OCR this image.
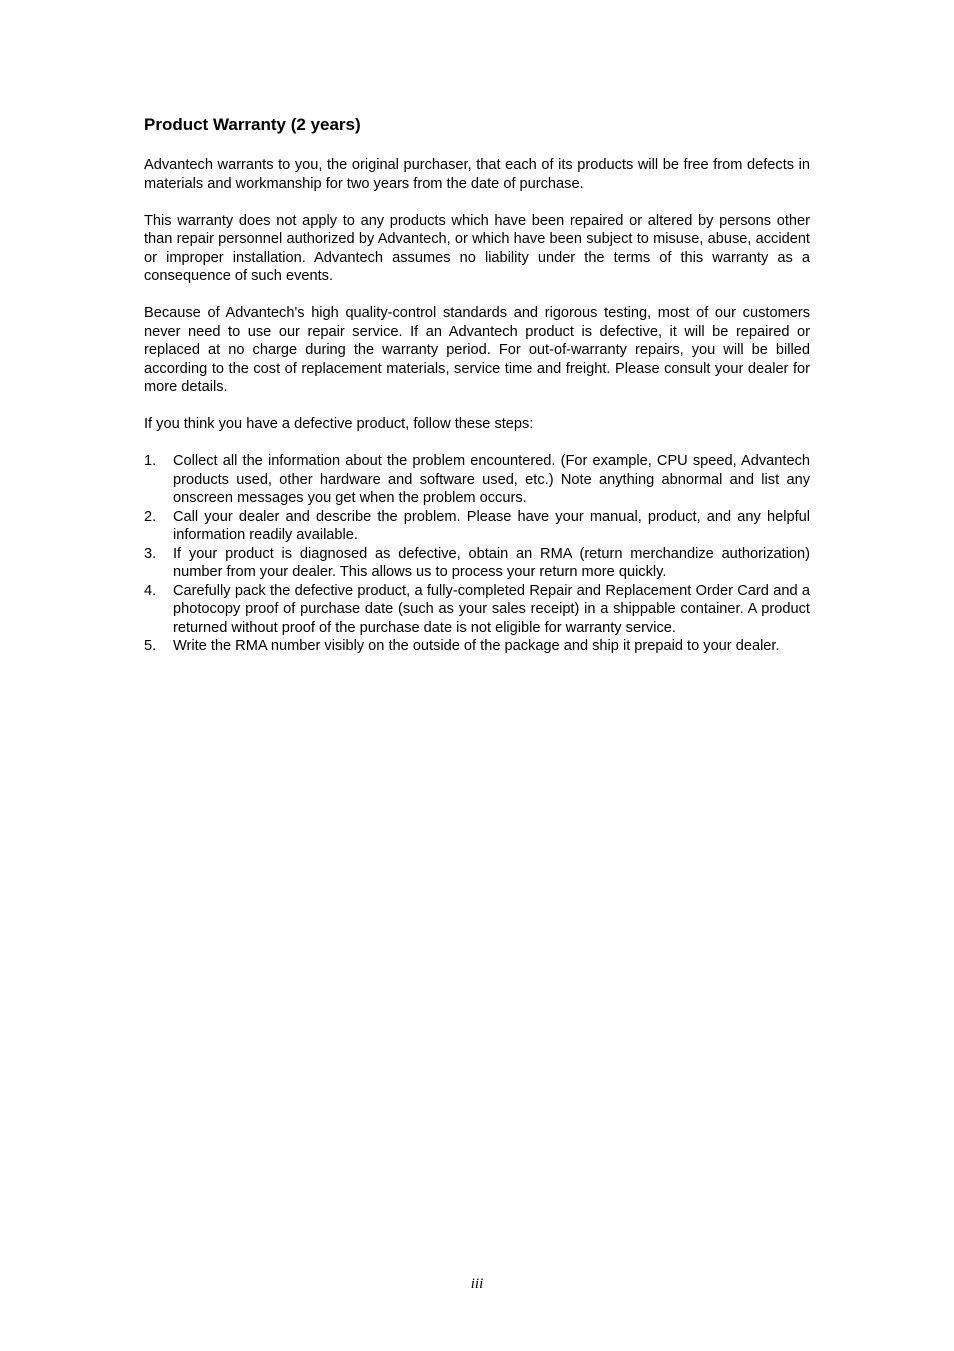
Product Warranty (2 years)

Advantech warrants to you, the original purchaser, that each of its products will be free from defects in materials and workmanship for two years from the date of purchase.

This warranty does not apply to any products which have been repaired or altered by persons other than repair personnel authorized by Advantech, or which have been subject to misuse, abuse, accident or improper installation. Advantech assumes no liability under the terms of this warranty as a consequence of such events.

Because of Advantech's high quality-control standards and rigorous testing, most of our customers never need to use our repair service. If an Advantech product is defective, it will be repaired or replaced at no charge during the warranty period. For out-of-warranty repairs, you will be billed according to the cost of replacement materials, service time and freight. Please consult your dealer for more details.

If you think you have a defective product, follow these steps:

1.	Collect all the information about the problem encountered. (For example, CPU speed, Advantech products used, other hardware and software used, etc.) Note anything abnormal and list any onscreen messages you get when the problem occurs.
2.	Call your dealer and describe the problem. Please have your manual, product, and any helpful information readily available.
3.	If your product is diagnosed as defective, obtain an RMA (return merchandize authorization) number from your dealer. This allows us to process your return more quickly.
4.	Carefully pack the defective product, a fully-completed Repair and Replacement Order Card and a photocopy proof of purchase date (such as your sales receipt) in a shippable container. A product returned without proof of the purchase date is not eligible for warranty service.
5.	Write the RMA number visibly on the outside of the package and ship it prepaid to your dealer.
iii
